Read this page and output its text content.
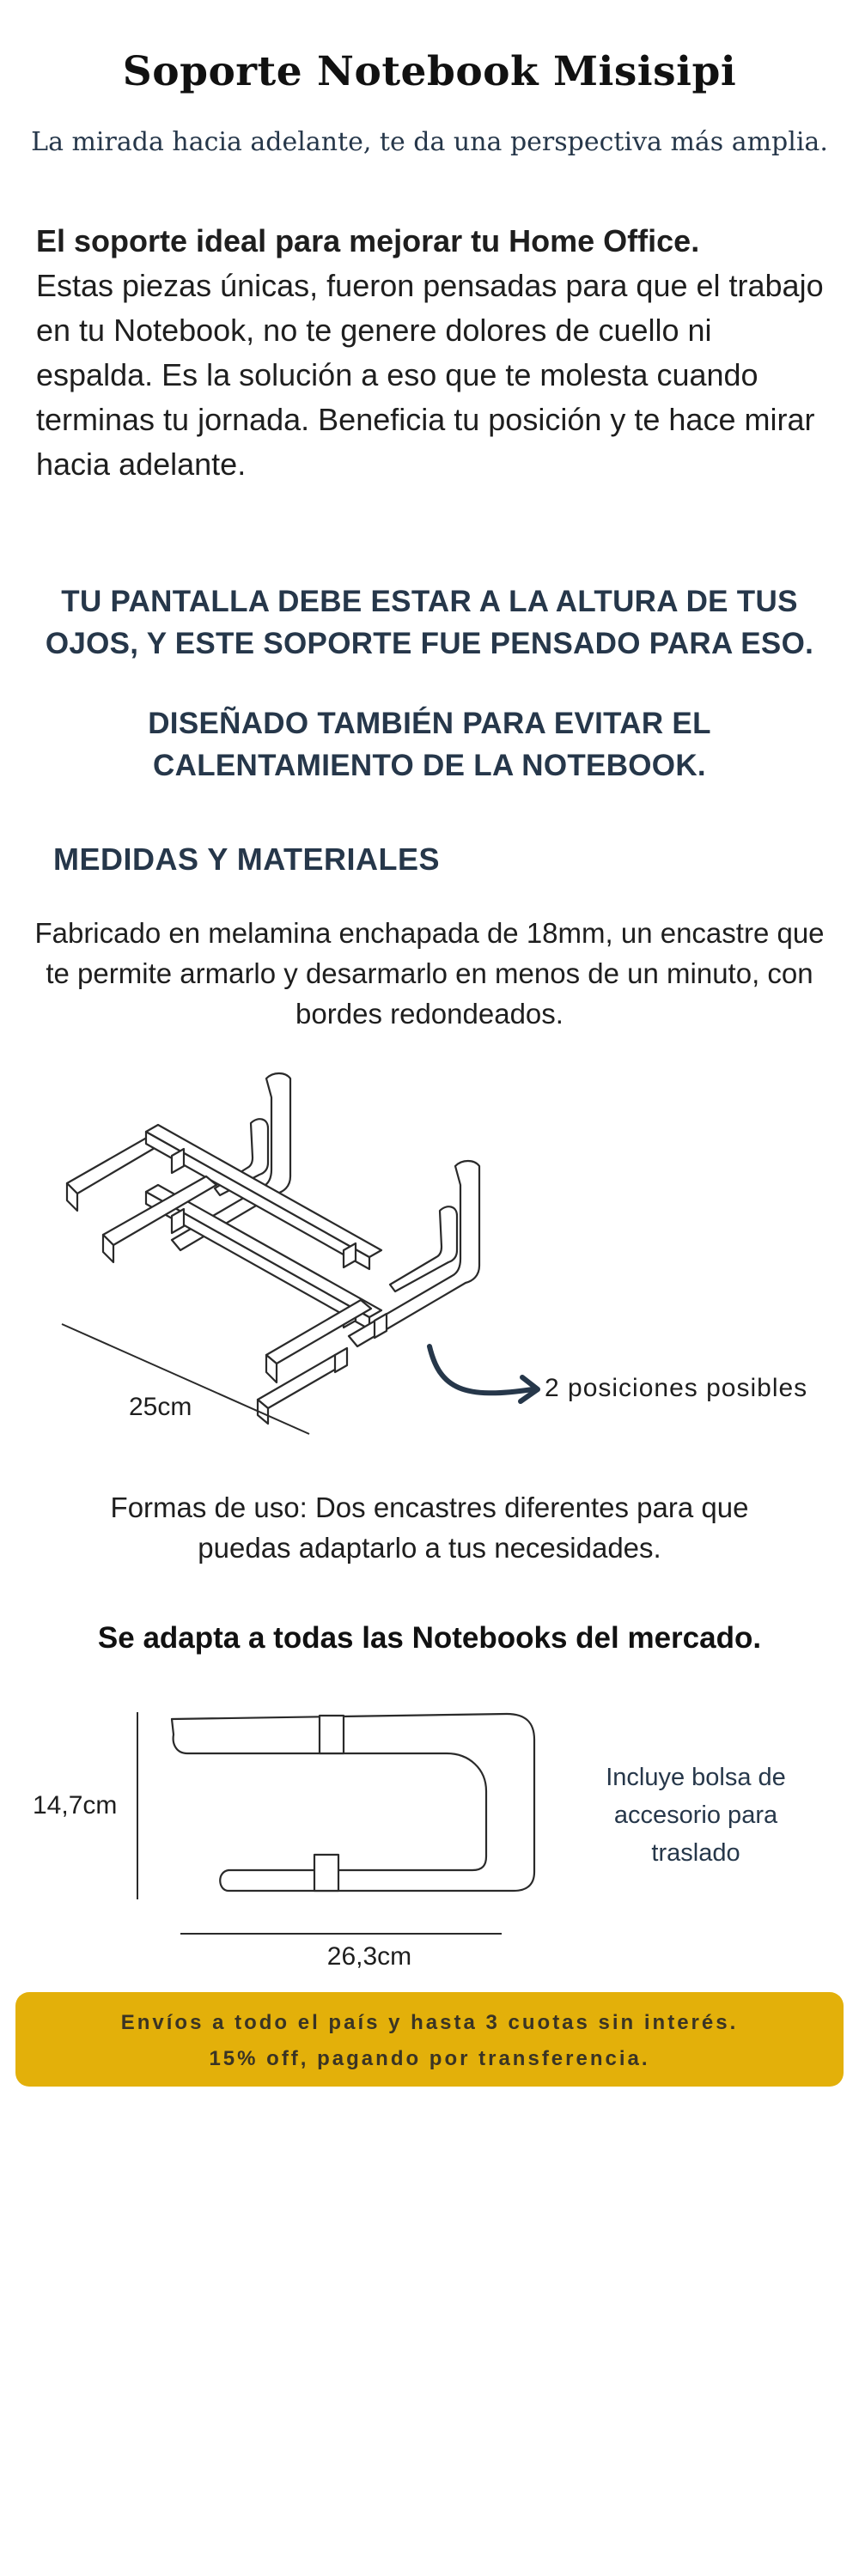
Soporte Notebook Misisipi
La mirada hacia adelante, te da una perspectiva más amplia.
El soporte ideal para mejorar tu Home Office.
Estas piezas únicas, fueron pensadas para que el trabajo en tu Notebook, no te genere dolores de cuello ni espalda. Es la solución a eso que te molesta cuando terminas tu jornada. Beneficia tu posición y te hace mirar hacia adelante.
TU PANTALLA DEBE ESTAR A LA ALTURA DE TUS OJOS, Y ESTE SOPORTE FUE PENSADO PARA ESO.
DISEÑADO TAMBIÉN PARA EVITAR EL CALENTAMIENTO DE LA NOTEBOOK.
MEDIDAS Y MATERIALES
Fabricado en melamina enchapada de 18mm, un encastre que te permite armarlo y desarmarlo en menos de un minuto, con bordes redondeados.
25cm
2 posiciones posibles
Formas de uso: Dos encastres diferentes para que puedas adaptarlo a tus necesidades.
Se adapta a todas las Notebooks del mercado.
14,7cm
26,3cm
Incluye bolsa de accesorio para traslado
Envíos a todo el país y hasta 3 cuotas sin interés.
15% off, pagando por transferencia.
